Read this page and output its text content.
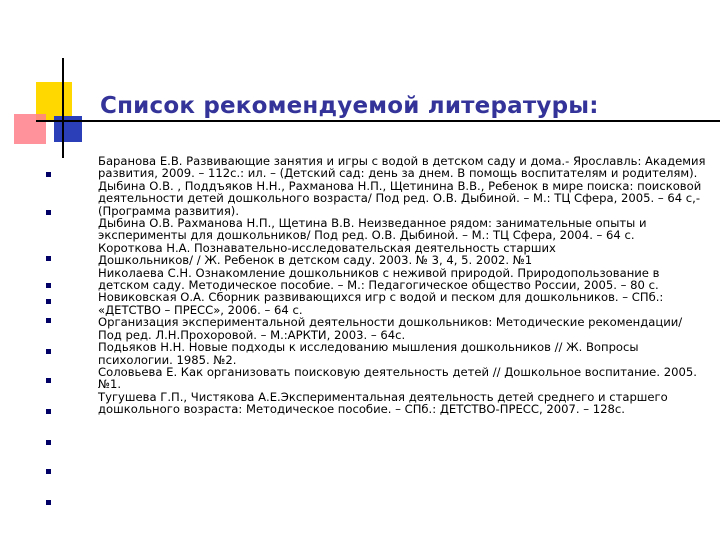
Список рекомендуемой литературы:

Баранова Е.В. Развивающие занятия и игры с водой в детском саду и дома.- Ярославль: Академия развития, 2009. – 112с.: ил. – (Детский сад: день за днем. В помощь воспитателям и родителям).

Дыбина О.В. , Поддъяков Н.Н., Рахманова Н.П., Щетинина В.В., Ребенок в мире поиска: поисковой деятельности детей дошкольного возраста/ Под ред. О.В. Дыбиной. – М.: ТЦ Сфера, 2005. – 64 с,- (Программа развития).

Дыбина О.В. Рахманова Н.П., Щетина В.В. Неизведанное рядом: занимательные опыты и эксперименты для дошкольников/ Под ред. О.В. Дыбиной. – М.: ТЦ Сфера, 2004. – 64 с.

Короткова Н.А. Познавательно-исследовательская деятельность старших

Дошкольников/ / Ж. Ребенок в детском саду. 2003. № 3, 4, 5. 2002. №1

Николаева С.Н. Ознакомление дошкольников с неживой природой. Природопользование в детском саду. Методическое пособие. – М.: Педагогическое общество России, 2005. – 80 с.

Новиковская О.А. Сборник развивающихся игр с водой и песком для дошкольников. – СПб.: «ДЕТСТВО – ПРЕСС», 2006. – 64 с.

Организация экспериментальной деятельности дошкольников: Методические рекомендации/ Под ред. Л.Н.Прохоровой. – М.:АРКТИ, 2003. – 64с.

Подьяков Н.Н. Новые подходы к исследованию мышления дошкольников // Ж. Вопросы психологии. 1985. №2.

Соловьева Е. Как организовать поисковую деятельность детей // Дошкольное воспитание. 2005. №1.

Тугушева Г.П., Чистякова А.Е.Экспериментальная деятельность детей среднего и старшего дошкольного возраста: Методическое пособие. – СПб.: ДЕТСТВО-ПРЕСС, 2007. – 128с.
